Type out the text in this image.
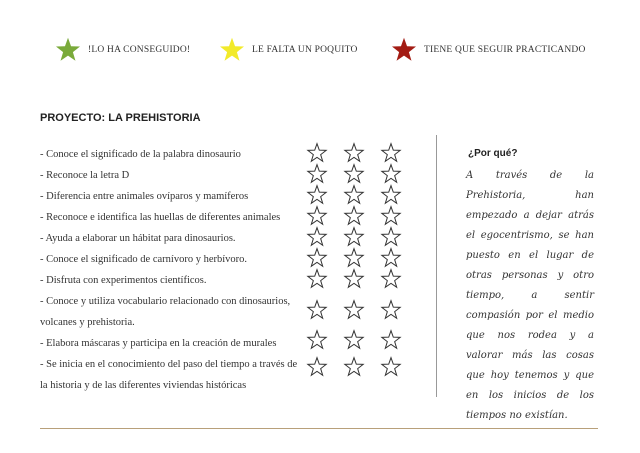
!LO HA CONSEGUIDO!	LE FALTA UN POQUITO	TIENE QUE SEGUIR PRACTICANDO
PROYECTO: LA PREHISTORIA
- Conoce el significado de la palabra dinosaurio
- Reconoce la letra D
- Diferencia entre animales ovíparos y mamíferos
- Reconoce e identifica las huellas de diferentes animales
- Ayuda a elaborar un hábitat para dinosaurios.
- Conoce el significado de carnívoro y herbívoro.
- Disfruta con experimentos científicos.
- Conoce y utiliza vocabulario relacionado con dinosaurios, volcanes y prehistoria.
- Elabora máscaras y participa en la creación de murales
- Se inicia en el conocimiento del paso del tiempo a través de la historia y de las diferentes viviendas históricas
¿Por qué?

A través de la Prehistoria, han empezado a dejar atrás el egocentrismo, se han puesto en el lugar de otras personas y otro tiempo, a sentir compasión por el medio que nos rodea y a valorar más las cosas que hoy tenemos y que en los inicios de los tiempos no existían.
